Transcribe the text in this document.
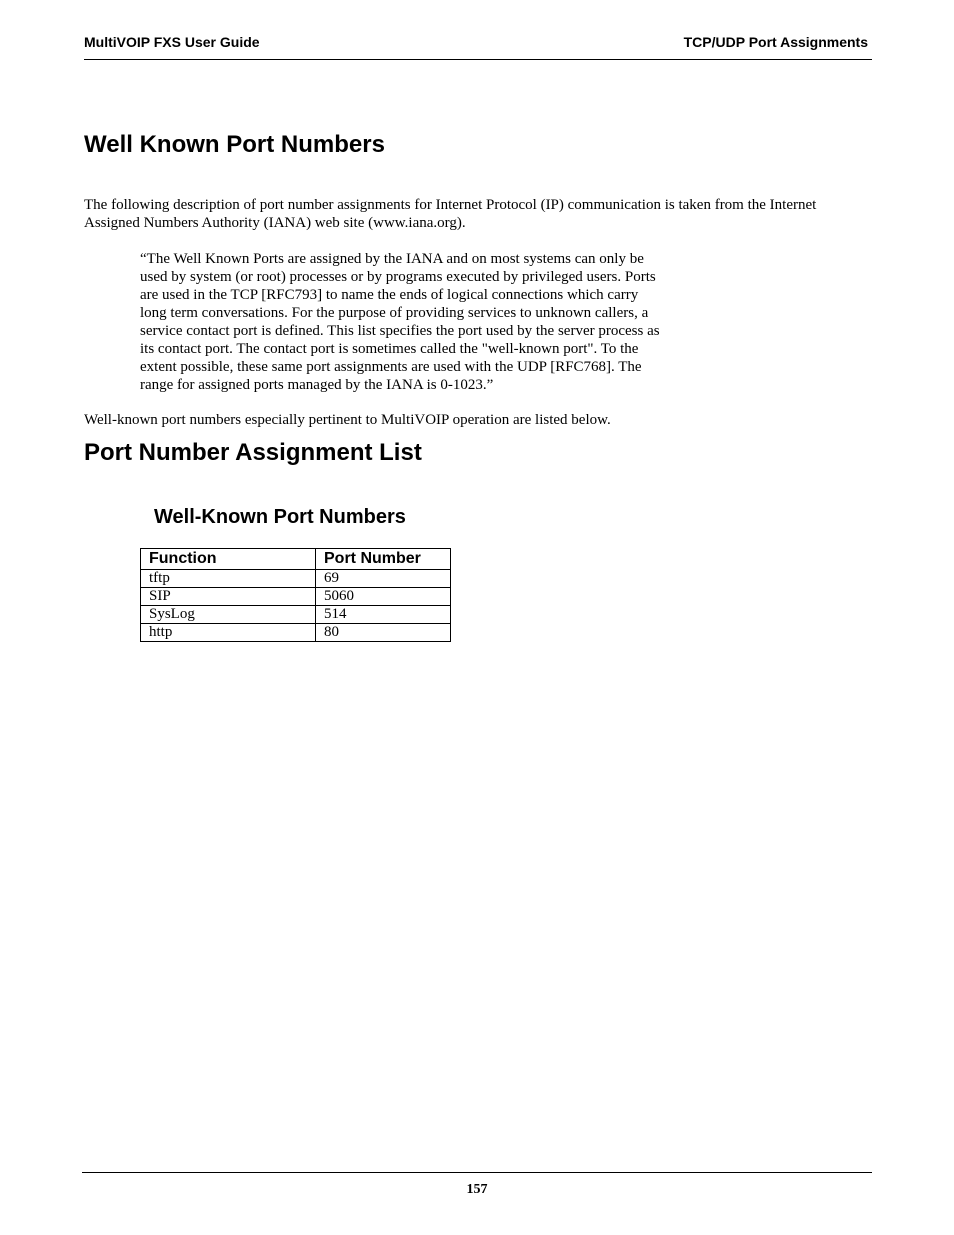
MultiVOIP FXS User Guide	TCP/UDP Port Assignments
Well Known Port Numbers

The following description of port number assignments for Internet Protocol (IP) communication is taken from the Internet Assigned Numbers Authority (IANA) web site (www.iana.org).

“The Well Known Ports are assigned by the IANA and on most systems can only be used by system (or root) processes or by programs executed by privileged users. Ports are used in the TCP [RFC793] to name the ends of logical connections which carry long term conversations. For the purpose of providing services to unknown callers, a service contact port is defined. This list specifies the port used by the server process as its contact port. The contact port is sometimes called the "well-known port". To the extent possible, these same port assignments are used with the UDP [RFC768]. The range for assigned ports managed by the IANA is 0-1023.”

Well-known port numbers especially pertinent to MultiVOIP operation are listed below.

Port Number Assignment List
Well-Known Port Numbers
Function	Port Number
tftp	69
SIP	5060
SysLog	514
http	80
157
